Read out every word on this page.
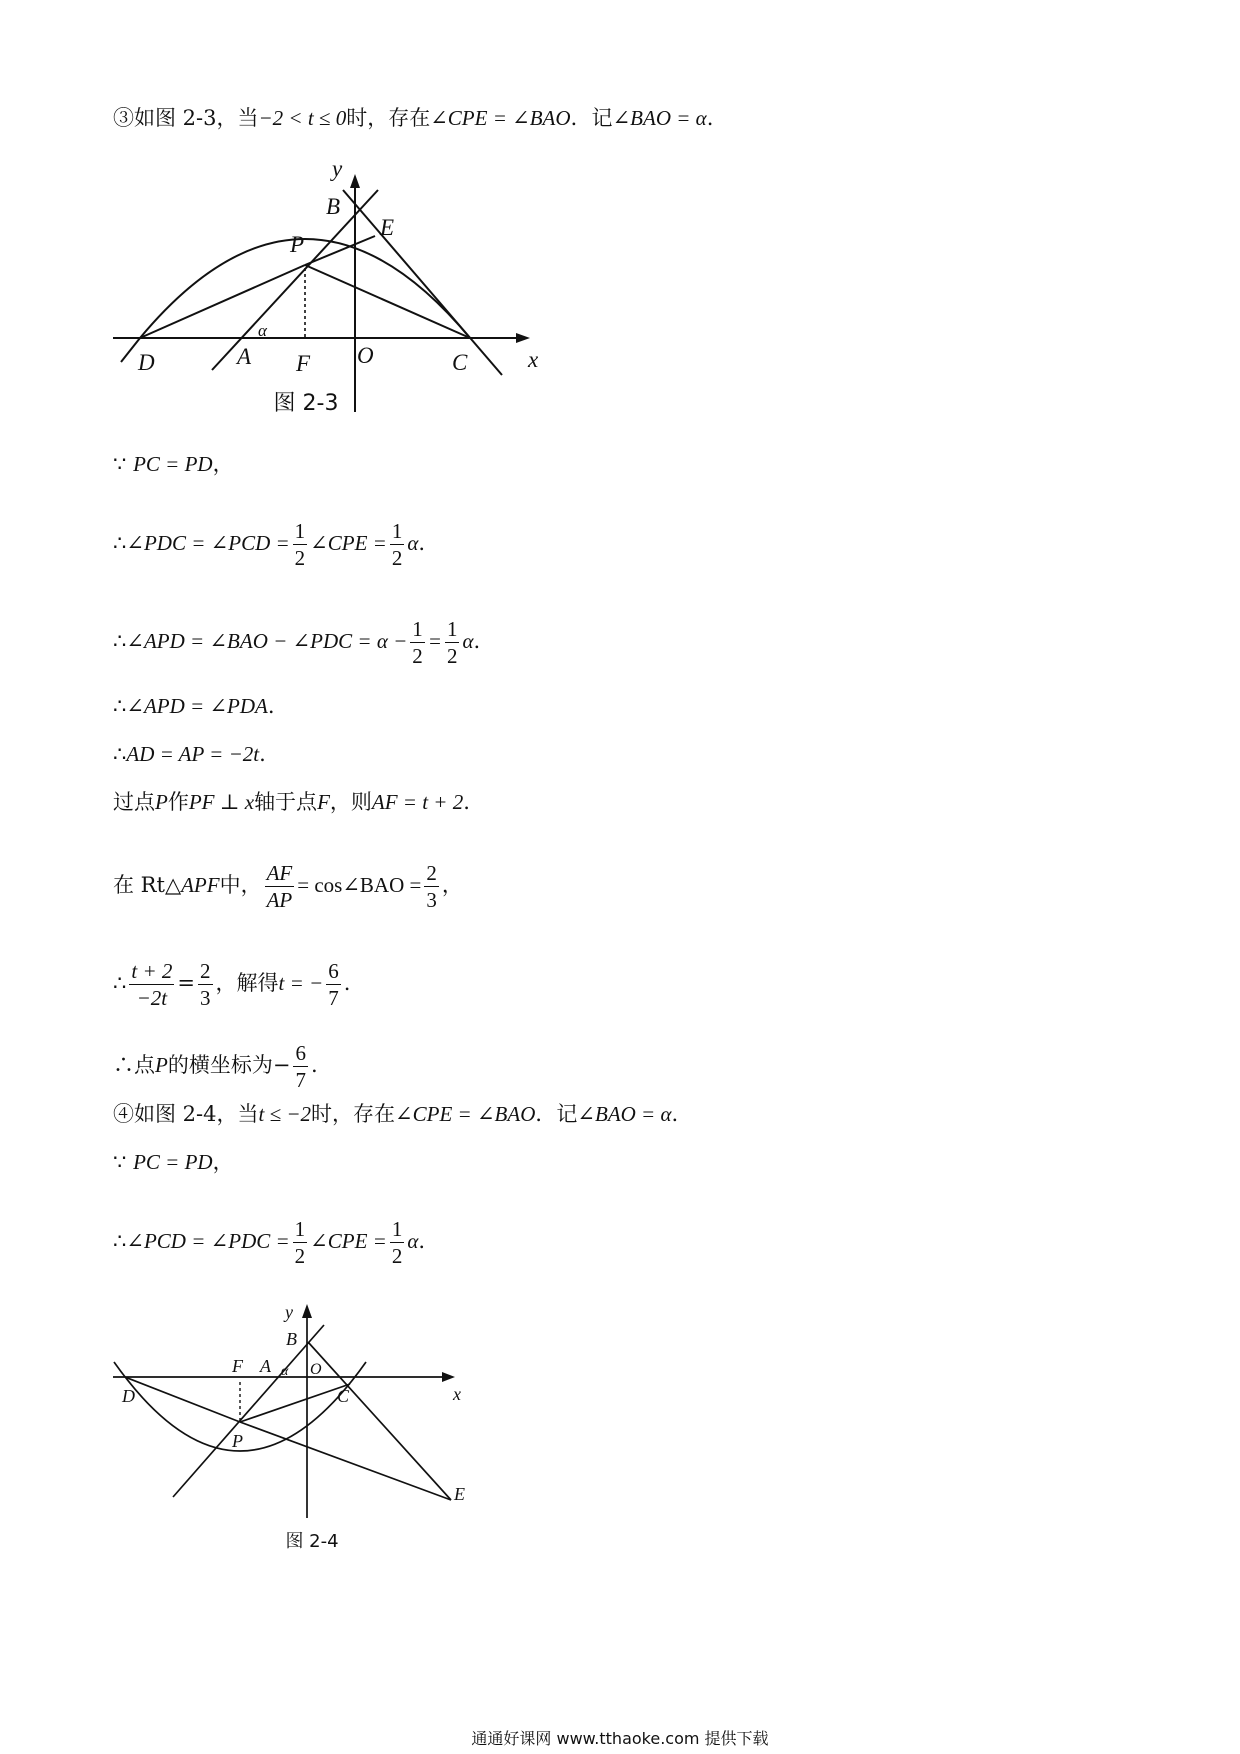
③如图 2-3，当−2 < t ≤ 0时，存在∠CPE = ∠BAO．记∠BAO = α.
y
x
B
E
P
α
D	A F O	C
图 2-3
∵ PC = PD，
∴∠PDC = ∠PCD = $\frac{1}{2}$ ∠CPE = $\frac{1}{2} \alpha$.
∴∠APD = ∠BAO − ∠PDC = $\alpha - \frac{1}{2} = \frac{1}{2} \alpha$.
∴∠APD = ∠PDA.
∴AD = AP = −2t.
过点P作PF ⊥ x轴于点F，则AF = t + 2.
在 Rt△APF中， $\frac{AF}{AP}$ = cos∠BAO = $\frac{2}{3}$ ，
∴ $\frac{t + 2}{-2t} = \frac{2}{3}$ ，解得t = − $\frac{6}{7}$ .
∴点P的横坐标为− $\frac{6}{7}$ .
④如图 2-4，当t ≤ −2时，存在∠CPE = ∠BAO．记∠BAO = α.
∵ PC = PD，
∴∠PCD = ∠PDC = $\frac{1}{2}$ ∠CPE = $\frac{1}{2} \alpha$.
y
x
B
F A α O
D	C
P
E
图 2-4
通通好课网 www.tthaoke.com 提供下载
